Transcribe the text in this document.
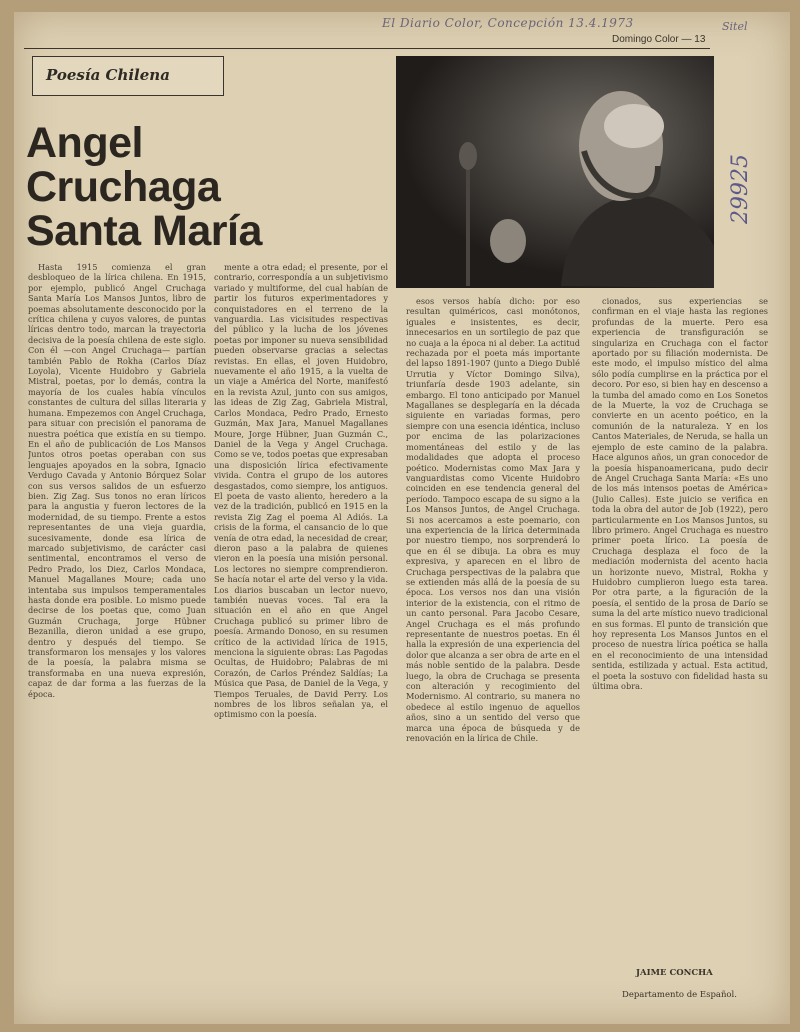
El Diario Color, Concepción 13.4.1973	Sitel
Domingo Color — 13
Poesía Chilena
Angel
Cruchaga
Santa María
29925

Hasta 1915 comienza el gran desbloqueo de la lírica chilena. En 1915, por ejemplo, publicó Angel Cruchaga Santa María Los Mansos Juntos, libro de poemas absolutamente desconocido por la crítica chilena y cuyos valores, de puntas líricas dentro todo, marcan la trayectoria decisiva de la poesía chilena de este siglo. Con él —con Angel Cruchaga— partían también Pablo de Rokha (Carlos Díaz Loyola), Vicente Huidobro y Gabriela Mistral, poetas, por lo demás, contra la mayoría de los cuales había vínculos constantes de cultura del sillas literaria y humana. Empezemos con Angel Cruchaga, para situar con precisión el panorama de nuestra poética que existía en su tiempo. En el año de publicación de Los Mansos Juntos otros poetas operaban con sus lenguajes apoyados en la sobra, Ignacio Verdugo Cavada y Antonio Bórquez Solar con sus versos salidos de un esfuerzo bien. Zig Zag. Sus tonos no eran líricos para la angustia y fueron lectores de la modernidad, de su tiempo. Frente a estos representantes de una vieja guardia, sucesivamente, donde esa lírica de marcado subjetivismo, de carácter casi sentimental, encontramos el verso de Pedro Prado, los Diez, Carlos Mondaca, Manuel Magallanes Moure; cada uno intentaba sus impulsos temperamentales hasta donde era posible. Lo mismo puede decirse de los poetas que, como Juan Guzmán Cruchaga, Jorge Hübner Bezanilla, dieron unidad a ese grupo, dentro y después del tiempo. Se transformaron los mensajes y los valores de la poesía, la palabra misma se transformaba en una nueva expresión, capaz de dar forma a las fuerzas de la época.

mente a otra edad; el presente, por el contrario, correspondía a un subjetivismo variado y multiforme, del cual habían de partir los futuros experimentadores y conquistadores en el terreno de la vanguardia. Las vicisitudes respectivas del público y la lucha de los jóvenes poetas por imponer su nueva sensibilidad pueden observarse gracias a selectas revistas. En ellas, el joven Huidobro, nuevamente el año 1915, a la vuelta de un viaje a América del Norte, manifestó en la revista Azul, junto con sus amigos, las ideas de Zig Zag, Gabriela Mistral, Carlos Mondaca, Pedro Prado, Ernesto Guzmán, Max Jara, Manuel Magallanes Moure, Jorge Hübner, Juan Guzmán C., Daniel de la Vega y Angel Cruchaga. Como se ve, todos poetas que expresaban una disposición lírica efectivamente vivida. Contra el grupo de los autores desgastados, como siempre, los antiguos. El poeta de vasto aliento, heredero a la vez de la tradición, publicó en 1915 en la revista Zig Zag el poema Al Adiós. La crisis de la forma, el cansancio de lo que venía de otra edad, la necesidad de crear, dieron paso a la palabra de quienes vieron en la poesía una misión personal. Los lectores no siempre comprendieron. Se hacía notar el arte del verso y la vida. Los diarios buscaban un lector nuevo, también nuevas voces. Tal era la situación en el año en que Angel Cruchaga publicó su primer libro de poesía. Armando Donoso, en su resumen crítico de la actividad lírica de 1915, menciona la siguiente obras: Las Pagodas Ocultas, de Huidobro; Palabras de mi Corazón, de Carlos Préndez Saldías; La Música que Pasa, de Daniel de la Vega, y Tiempos Teruales, de David Perry. Los nombres de los libros señalan ya, el optimismo con la poesía.

esos versos había dicho: por eso resultan quiméricos, casi monótonos, iguales e insistentes, es decir, innecesarios en un sortilegio de paz que no cuaja a la época ni al deber. La actitud rechazada por el poeta más importante del lapso 1891-1907 (junto a Diego Dublé Urrutia y Víctor Domingo Silva), triunfaría desde 1903 adelante, sin embargo. El tono anticipado por Manuel Magallanes se desplegaría en la década siguiente en variadas formas, pero siempre con una esencia idéntica, incluso por encima de las polarizaciones momentáneas del estilo y de las modalidades que adopta el proceso poético. Modernistas como Max Jara y vanguardistas como Vicente Huidobro coinciden en ese tendencia general del período. Tampoco escapa de su signo a la Los Mansos Juntos, de Angel Cruchaga. Si nos acercamos a este poemario, con una experiencia de la lírica determinada por nuestro tiempo, nos sorprenderá lo que en él se dibuja. La obra es muy expresiva, y aparecen en el libro de Cruchaga perspectivas de la palabra que se extienden más allá de la poesía de su época. Los versos nos dan una visión interior de la existencia, con el ritmo de un canto personal. Para Jacobo Cesare, Angel Cruchaga es el más profundo representante de nuestros poetas. En él halla la expresión de una experiencia del dolor que alcanza a ser obra de arte en el más noble sentido de la palabra. Desde luego, la obra de Cruchaga se presenta con alteración y recogimiento del Modernismo. Al contrario, su manera no obedece al estilo ingenuo de aquellos años, sino a un sentido del verso que marca una época de búsqueda y de renovación en la lírica de Chile.

cionados, sus experiencias se confirman en el viaje hasta las regiones profundas de la muerte. Pero esa experiencia de transfiguración se singulariza en Cruchaga con el factor aportado por su filiación modernista. De este modo, el impulso místico del alma sólo podía cumplirse en la práctica por el decoro. Por eso, si bien hay en descenso a la tumba del amado como en Los Sonetos de la Muerte, la voz de Cruchaga se convierte en un acento poético, en la comunión de la naturaleza. Y en los Cantos Materiales, de Neruda, se halla un ejemplo de este camino de la palabra. Hace algunos años, un gran conocedor de la poesía hispanoamericana, pudo decir de Angel Cruchaga Santa María: «Es uno de los más intensos poetas de América» (Julio Calles). Este juicio se verifica en toda la obra del autor de Job (1922), pero particularmente en Los Mansos Juntos, su libro primero. Angel Cruchaga es nuestro primer poeta lírico. La poesía de Cruchaga desplaza el foco de la mediación modernista del acento hacia un horizonte nuevo, Mistral, Rokha y Huidobro cumplieron luego esta tarea. Por otra parte, a la figuración de la poesía, el sentido de la prosa de Darío se suma la del arte místico nuevo tradicional en sus formas. El punto de transición que hoy representa Los Mansos Juntos en el proceso de nuestra lírica poética se halla en el reconocimiento de una intensidad sentida, estilizada y actual. Esta actitud, el poeta la sostuvo con fidelidad hasta su última obra.

JAIME CONCHA
Departamento de Español.
